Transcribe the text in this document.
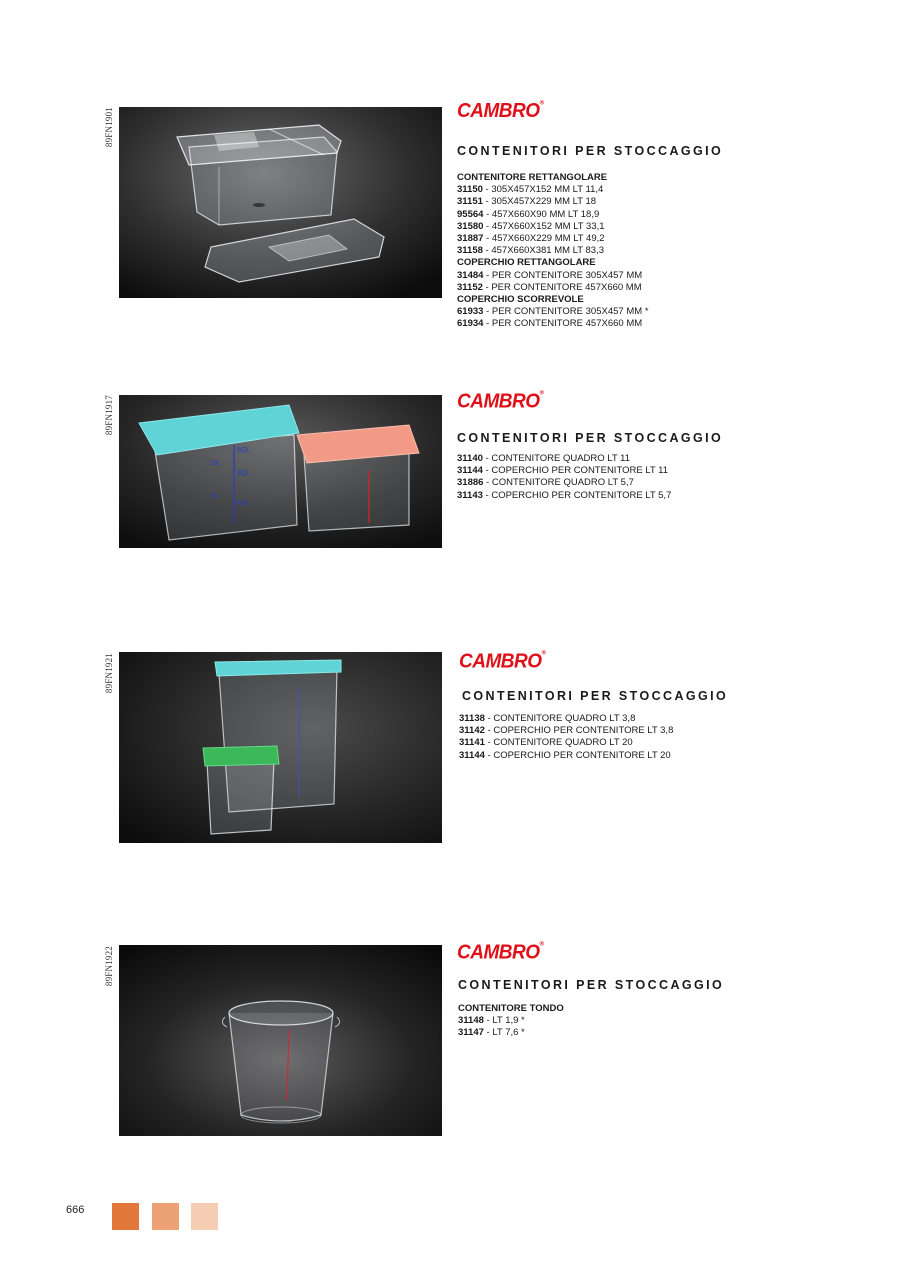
89FN1901	CAMBRO®
CONTENITORI PER STOCCAGGIO
CONTENITORE RETTANGOLARE
31150 - 305X457X152 MM LT 11,4
31151 - 305X457X229 MM LT 18
95564 - 457X660X90 MM LT 18,9
31580 - 457X660X152 MM LT 33,1
31887 - 457X660X229 MM LT 49,2
31158 - 457X660X381 MM LT 83,3
COPERCHIO RETTANGOLARE
31484 - PER CONTENITORE 305X457 MM
31152 - PER CONTENITORE 457X660 MM
COPERCHIO SCORREVOLE
61933 - PER CONTENITORE 305X457 MM *
61934 - PER CONTENITORE 457X660 MM
89FN1917
8QL
10L
8QL
6L
4QL
CAMBRO®
CONTENITORI PER STOCCAGGIO
31140 - CONTENITORE QUADRO LT 11
31144 - COPERCHIO PER CONTENITORE LT 11
31886 - CONTENITORE QUADRO LT 5,7
31143 - COPERCHIO PER CONTENITORE LT 5,7
89FN1921	CAMBRO®
CONTENITORI PER STOCCAGGIO
31138 - CONTENITORE QUADRO LT 3,8
31142 - COPERCHIO PER CONTENITORE LT 3,8
31141 - CONTENITORE QUADRO LT 20
31144 - COPERCHIO PER CONTENITORE LT 20
89FN1922	CAMBRO®
CONTENITORI PER STOCCAGGIO
CONTENITORE TONDO
31148 - LT 1,9 *
31147 - LT 7,6 *
666
